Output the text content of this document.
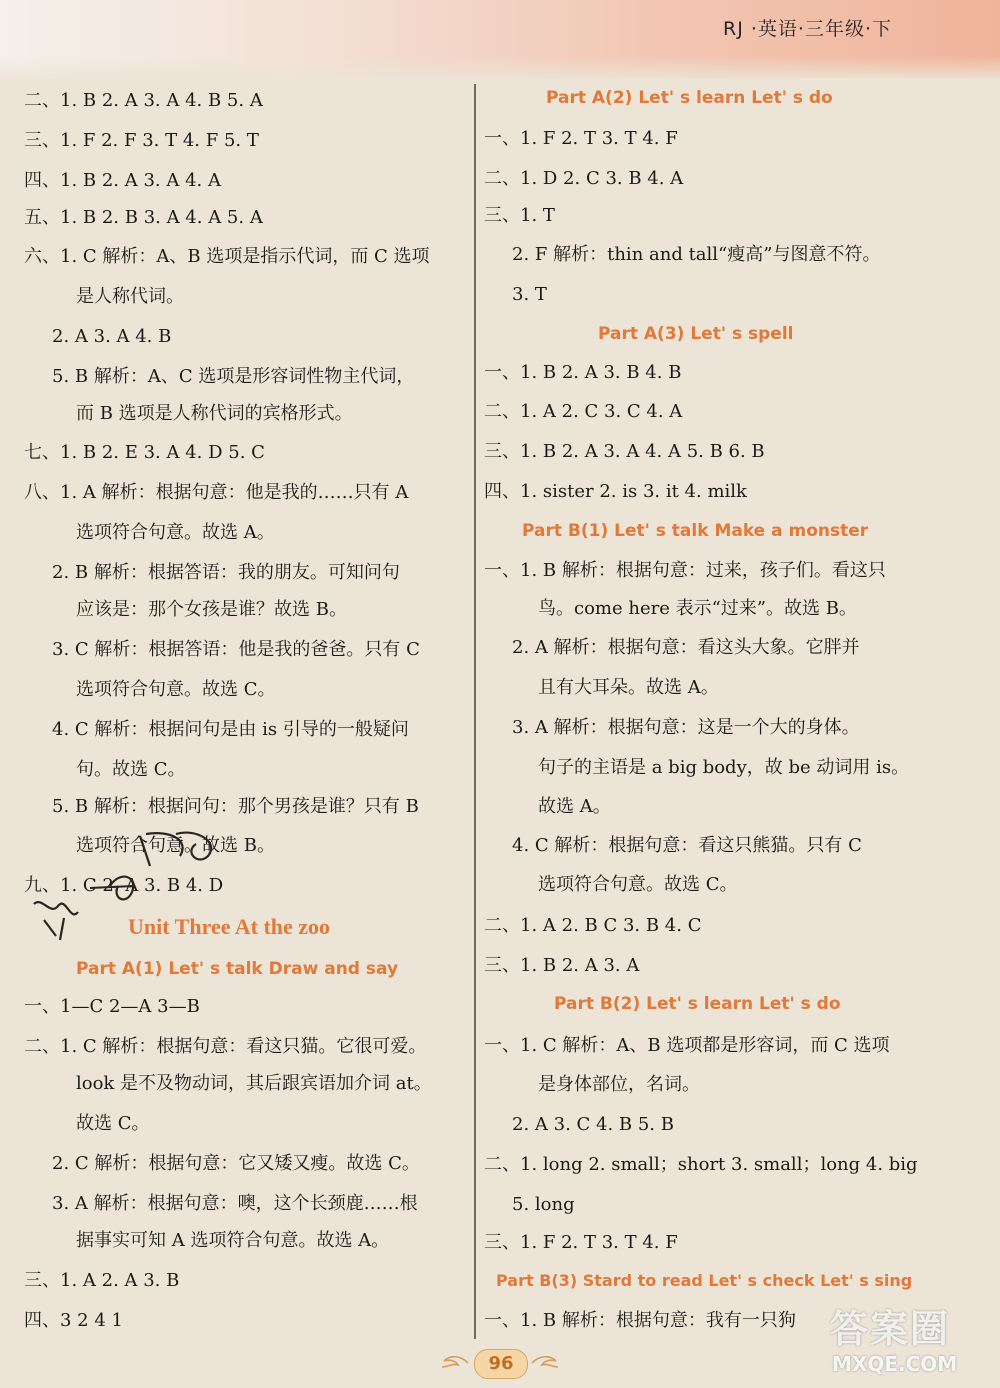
RJ ·英语·三年级·下
二、1. B 2. A 3. A 4. B 5. A
三、1. F 2. F 3. T 4. F 5. T
四、1. B 2. A 3. A 4. A
五、1. B 2. B 3. A 4. A 5. A
六、1. C 解析：A、B 选项是指示代词，而 C 选项
是人称代词。
2. A 3. A 4. B
5. B 解析：A、C 选项是形容词性物主代词，
而 B 选项是人称代词的宾格形式。
七、1. B 2. E 3. A 4. D 5. C
八、1. A 解析：根据句意：他是我的……只有 A
选项符合句意。故选 A。
2. B 解析：根据答语：我的朋友。可知问句
应该是：那个女孩是谁？故选 B。
3. C 解析：根据答语：他是我的爸爸。只有 C
选项符合句意。故选 C。
4. C 解析：根据问句是由 is 引导的一般疑问
句。故选 C。
5. B 解析：根据问句：那个男孩是谁？只有 B
选项符合句意。故选 B。
九、1. C 2. A 3. B 4. D
Unit Three At the zoo
Part A(1) Let' s talk Draw and say
一、1—C 2—A 3—B
二、1. C 解析：根据句意：看这只猫。它很可爱。
look 是不及物动词，其后跟宾语加介词 at。
故选 C。
2. C 解析：根据句意：它又矮又瘦。故选 C。
3. A 解析：根据句意：噢，这个长颈鹿……根
据事实可知 A 选项符合句意。故选 A。
三、1. A 2. A 3. B
四、3 2 4 1
Part A(2) Let' s learn Let' s do
一、1. F 2. T 3. T 4. F
二、1. D 2. C 3. B 4. A
三、1. T
2. F 解析：thin and tall“瘦高”与图意不符。
3. T
Part A(3) Let' s spell
一、1. B 2. A 3. B 4. B
二、1. A 2. C 3. C 4. A
三、1. B 2. A 3. A 4. A 5. B 6. B
四、1. sister 2. is 3. it 4. milk
Part B(1) Let' s talk Make a monster
一、1. B 解析：根据句意：过来，孩子们。看这只
鸟。come here 表示“过来”。故选 B。
2. A 解析：根据句意：看这头大象。它胖并
且有大耳朵。故选 A。
3. A 解析：根据句意：这是一个大的身体。
句子的主语是 a big body，故 be 动词用 is。
故选 A。
4. C 解析：根据句意：看这只熊猫。只有 C
选项符合句意。故选 C。
二、1. A 2. B C 3. B 4. C
三、1. B 2. A 3. A
Part B(2) Let' s learn Let' s do
一、1. C 解析：A、B 选项都是形容词，而 C 选项
是身体部位，名词。
2. A 3. C 4. B 5. B
二、1. long 2. small；short 3. small；long 4. big
5. long
三、1. F 2. T 3. T 4. F
Part B(3) Stard to read Let' s check Let' s sing
一、1. B 解析：根据句意：我有一只狗
96
答案圈
MXQE.COM
